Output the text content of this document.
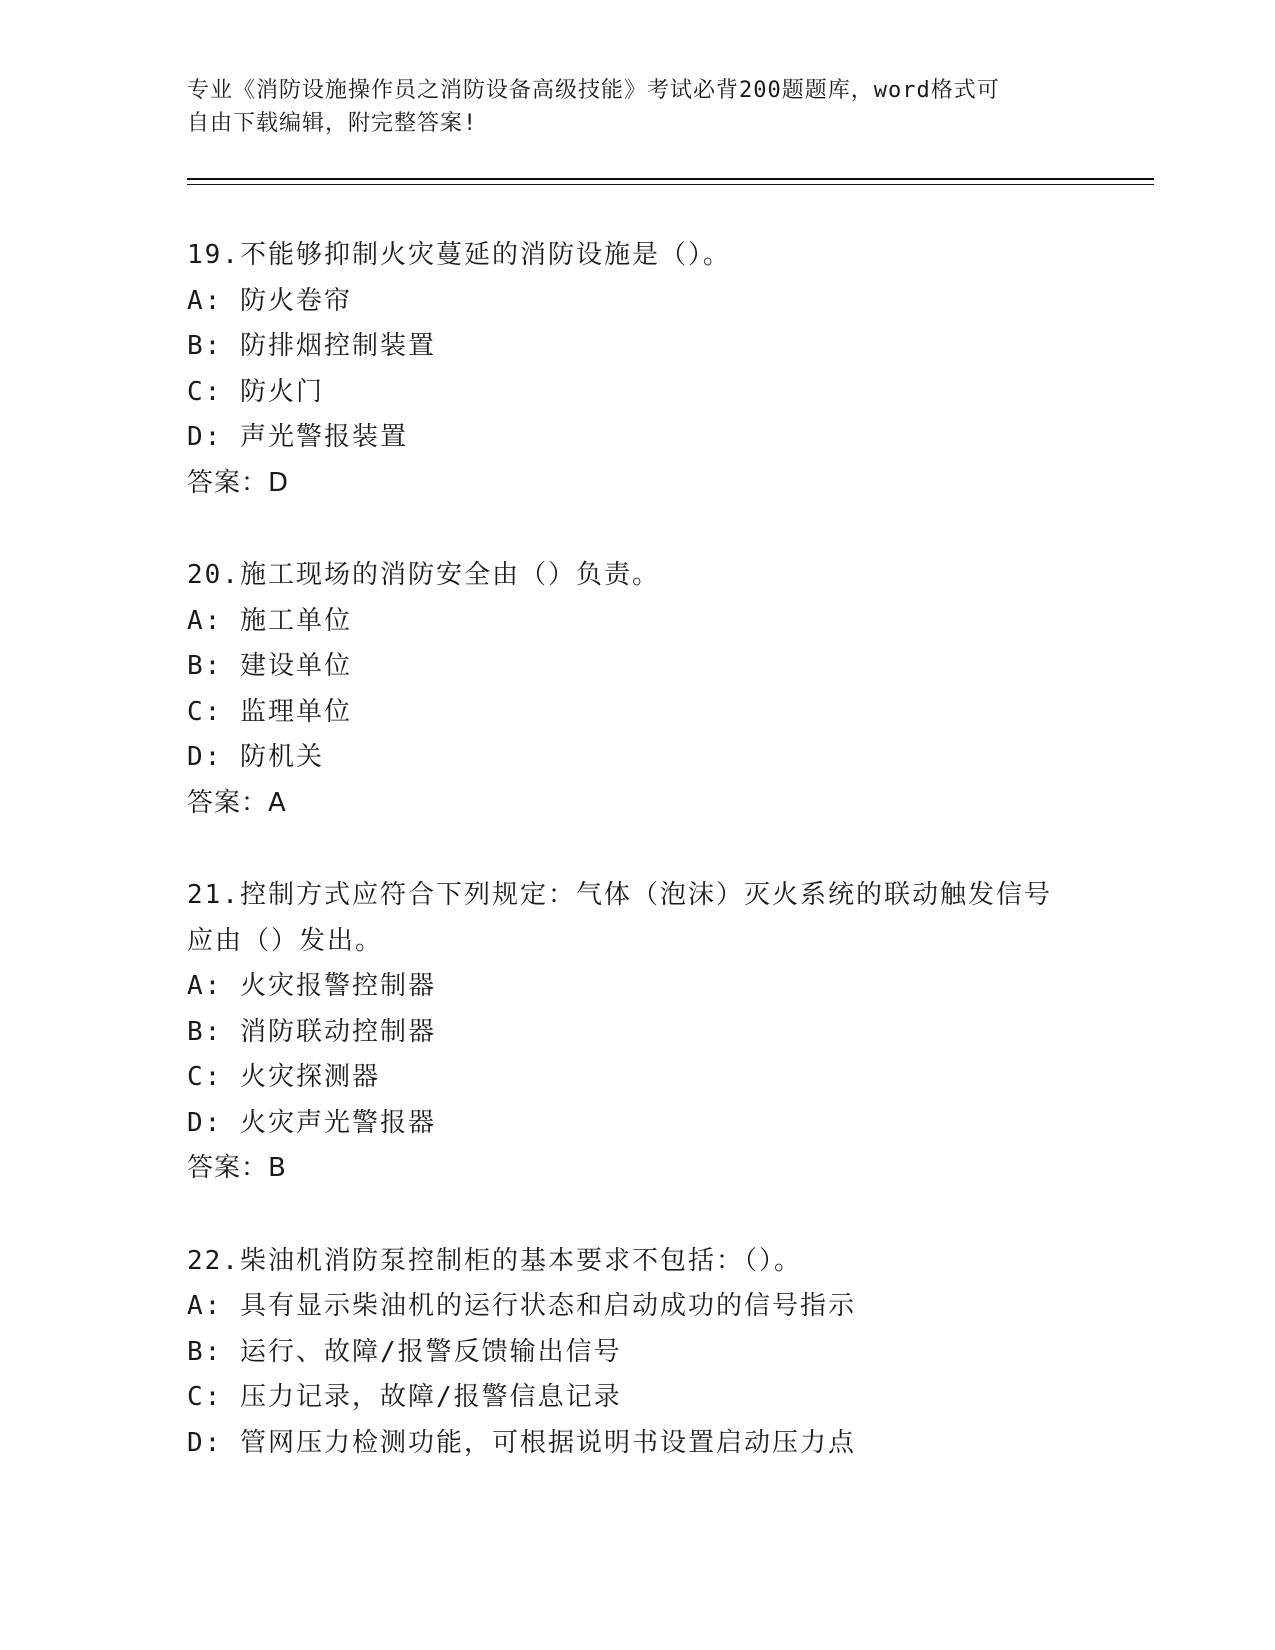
专业《消防设施操作员之消防设备高级技能》考试必背200题题库，word格式可
自由下载编辑，附完整答案!

19.不能够抑制火灾蔓延的消防设施是（）。

A: 防火卷帘

B: 防排烟控制装置

C: 防火门

D: 声光警报装置

答案：D

20.施工现场的消防安全由（）负责。

A: 施工单位

B: 建设单位

C: 监理单位

D: 防机关

答案：A

21.控制方式应符合下列规定：气体（泡沫）灭火系统的联动触发信号

应由（）发出。

A: 火灾报警控制器

B: 消防联动控制器

C: 火灾探测器

D: 火灾声光警报器

答案：B

22.柴油机消防泵控制柜的基本要求不包括：（）。

A: 具有显示柴油机的运行状态和启动成功的信号指示

B: 运行、故障/报警反馈输出信号

C: 压力记录，故障/报警信息记录

D: 管网压力检测功能，可根据说明书设置启动压力点
